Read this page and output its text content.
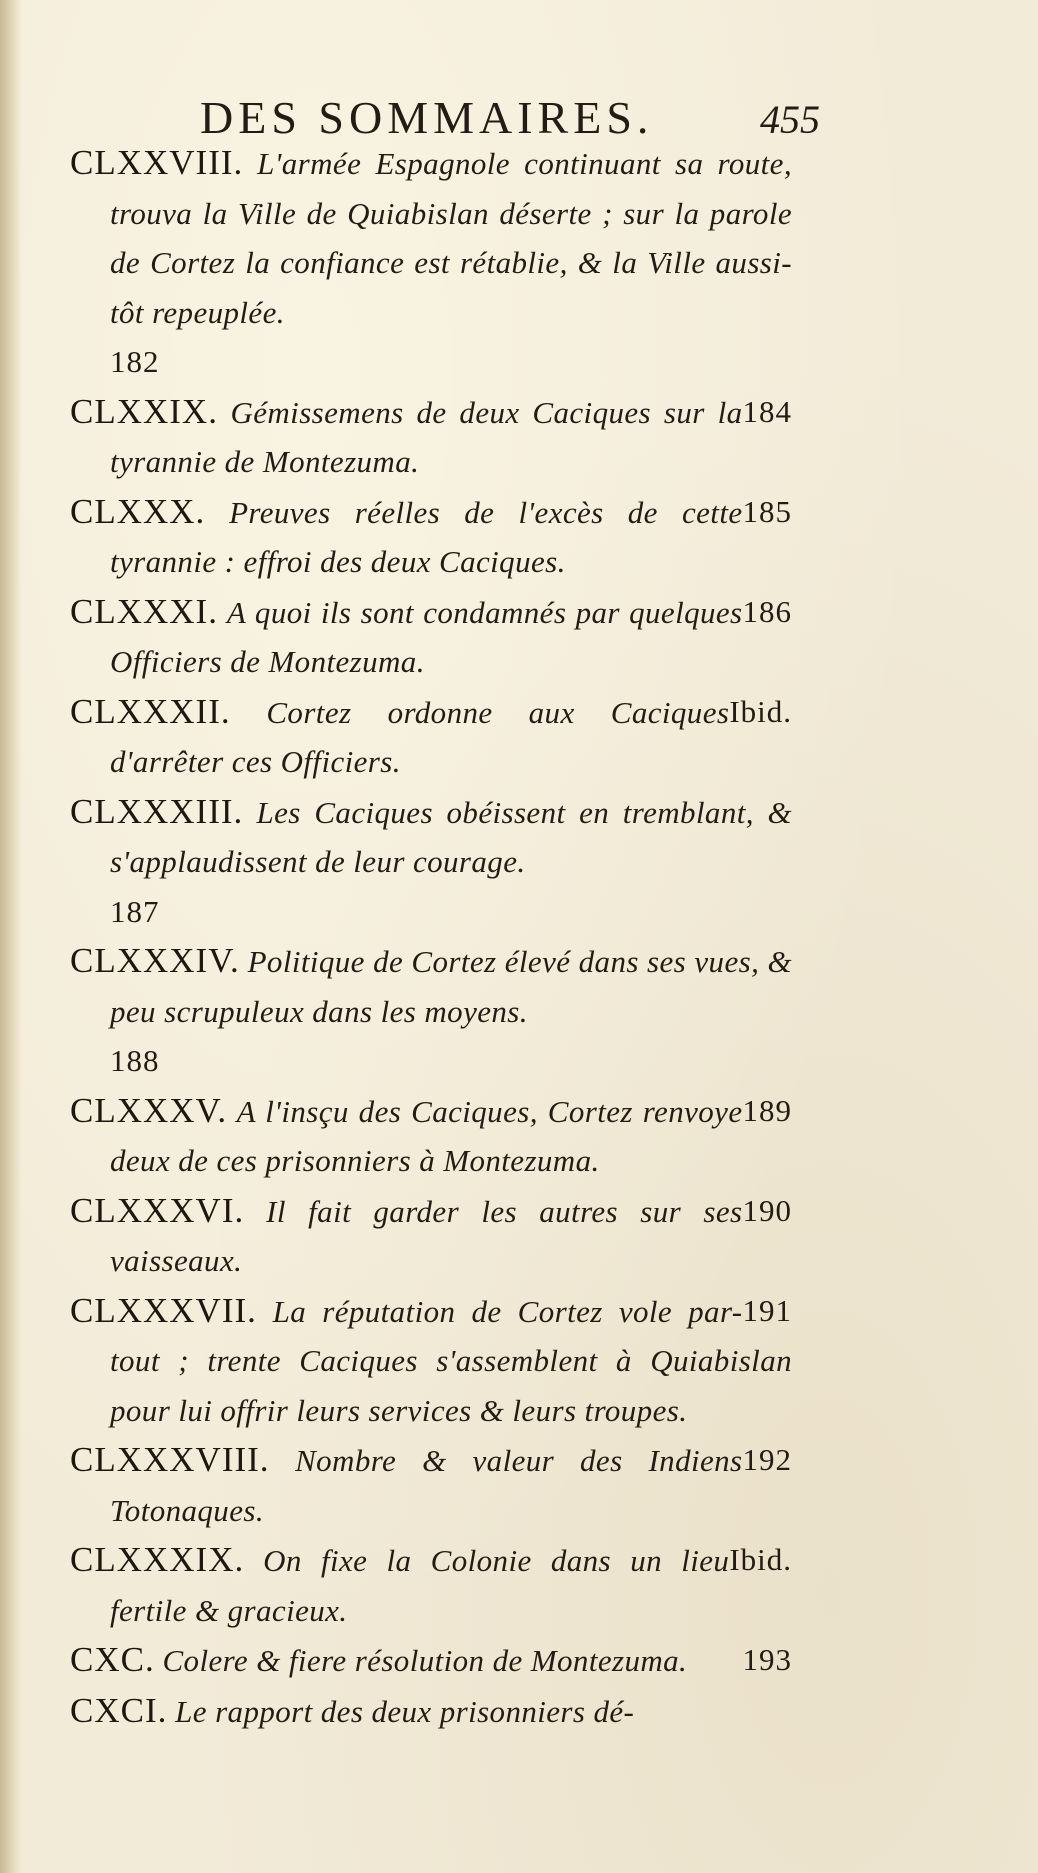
DES SOMMAIRES.	455
CLXXVIII. L'armée Espagnole continuant sa route, trouva la Ville de Quiabislan déserte ; sur la parole de Cortez la confiance est rétablie, & la Ville aussi-tôt repeuplée.
182
184
CLXXIX. Gémissemens de deux Caciques sur la tyrannie de Montezuma.
185
CLXXX. Preuves réelles de l'excès de cette tyrannie : effroi des deux Caciques.
186
CLXXXI. A quoi ils sont condamnés par quelques Officiers de Montezuma.
Ibid.
CLXXXII. Cortez ordonne aux Caciques d'arrêter ces Officiers.
CLXXXIII. Les Caciques obéissent en tremblant, & s'applaudissent de leur courage.
187
CLXXXIV. Politique de Cortez élevé dans ses vues, & peu scrupuleux dans les moyens.
188
189
CLXXXV. A l'insçu des Caciques, Cortez renvoye deux de ces prisonniers à Montezuma.
190
CLXXXVI. Il fait garder les autres sur ses vaisseaux.
191
CLXXXVII. La réputation de Cortez vole par-tout ; trente Caciques s'assemblent à Quiabislan pour lui offrir leurs services & leurs troupes.
192
CLXXXVIII. Nombre & valeur des Indiens Totonaques.
Ibid.
CLXXXIX. On fixe la Colonie dans un lieu fertile & gracieux.
193
CXC. Colere & fiere résolution de Montezuma.
CXCI. Le rapport des deux prisonniers dé-
